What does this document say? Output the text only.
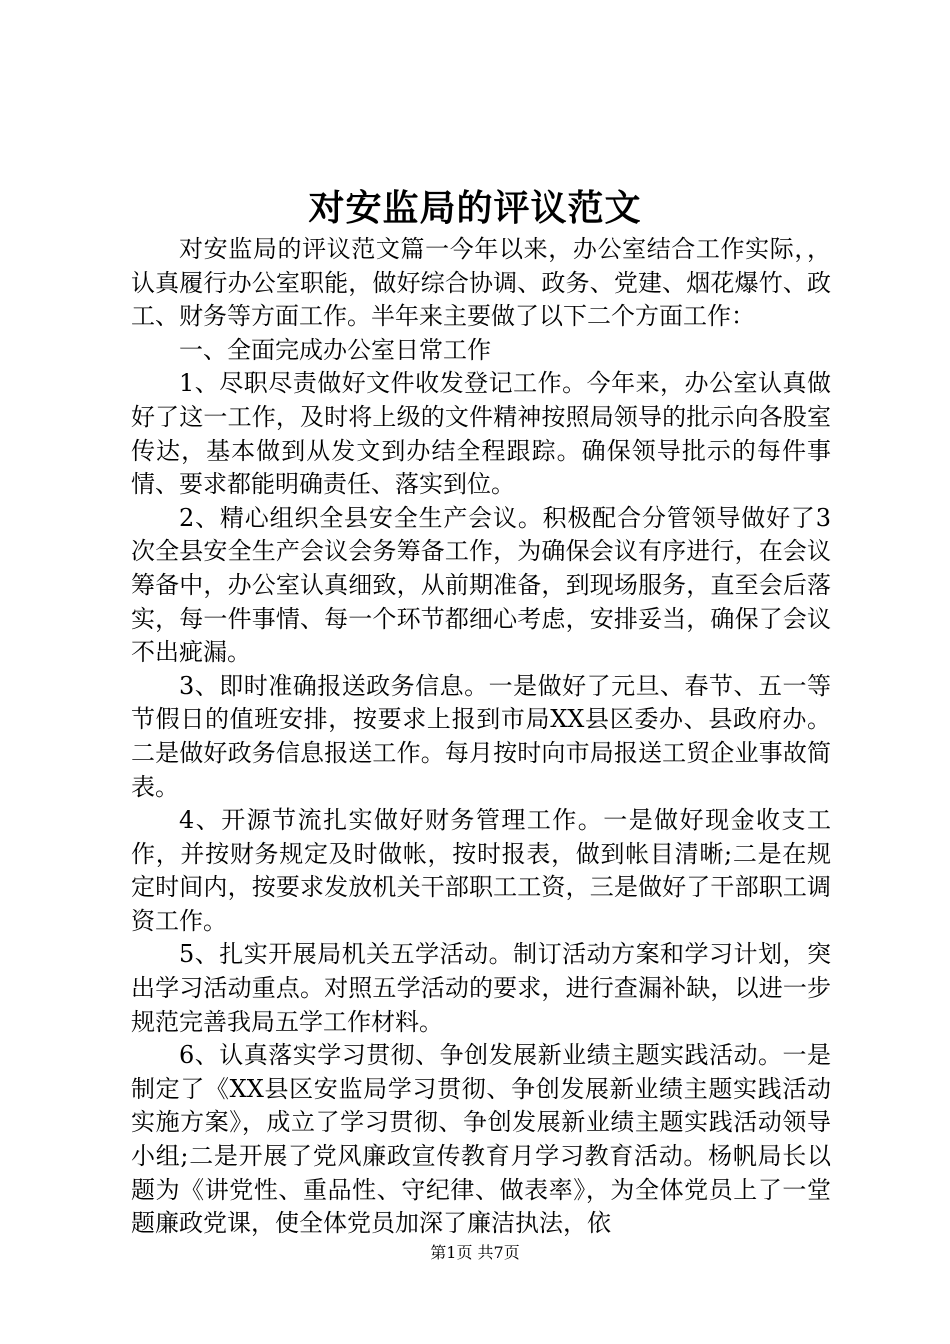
对安监局的评议范文

对安监局的评议范文篇一今年以来，办公室结合工作实际，，认真履行办公室职能，做好综合协调、政务、党建、烟花爆竹、政工、财务等方面工作。半年来主要做了以下二个方面工作：

一、全面完成办公室日常工作

1、尽职尽责做好文件收发登记工作。今年来，办公室认真做好了这一工作，及时将上级的文件精神按照局领导的批示向各股室传达，基本做到从发文到办结全程跟踪。确保领导批示的每件事情、要求都能明确责任、落实到位。

2、精心组织全县安全生产会议。积极配合分管领导做好了3次全县安全生产会议会务筹备工作，为确保会议有序进行，在会议筹备中，办公室认真细致，从前期准备，到现场服务，直至会后落实，每一件事情、每一个环节都细心考虑，安排妥当，确保了会议不出疵漏。

3、即时准确报送政务信息。一是做好了元旦、春节、五一等节假日的值班安排，按要求上报到市局XX县区委办、县政府办。二是做好政务信息报送工作。每月按时向市局报送工贸企业事故简表。

4、开源节流扎实做好财务管理工作。一是做好现金收支工作，并按财务规定及时做帐，按时报表，做到帐目清晰;二是在规定时间内，按要求发放机关干部职工工资，三是做好了干部职工调资工作。

5、扎实开展局机关五学活动。制订活动方案和学习计划，突出学习活动重点。对照五学活动的要求，进行查漏补缺，以进一步规范完善我局五学工作材料。

6、认真落实学习贯彻、争创发展新业绩主题实践活动。一是制定了《XX县区安监局学习贯彻、争创发展新业绩主题实践活动实施方案》，成立了学习贯彻、争创发展新业绩主题实践活动领导小组;二是开展了党风廉政宣传教育月学习教育活动。杨帆局长以题为《讲党性、重品性、守纪律、做表率》，为全体党员上了一堂题廉政党课，使全体党员加深了廉洁执法，依

第1页 共7页
